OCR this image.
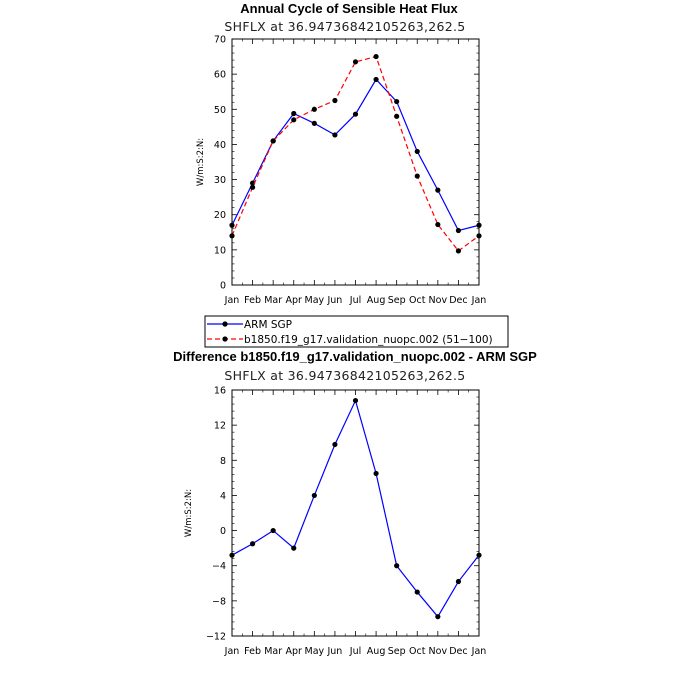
Annual Cycle of Sensible Heat Flux
SHFLX at 36.94736842105263,262.5
Jan Feb Mar Apr May Jun Jul Aug Sep Oct Nov Dec Jan
0
10
20
30
40
50
60
70
W/m:S:2:N:
ARM SGP
b1850.f19_g17.validation_nuopc.002 (51−100)
Difference b1850.f19_g17.validation_nuopc.002 - ARM SGP
SHFLX at 36.94736842105263,262.5
Jan Feb Mar Apr May Jun Jul Aug Sep Oct Nov Dec Jan
−12
−8
−4
0
4
8
12
16
W/m:S:2:N:
